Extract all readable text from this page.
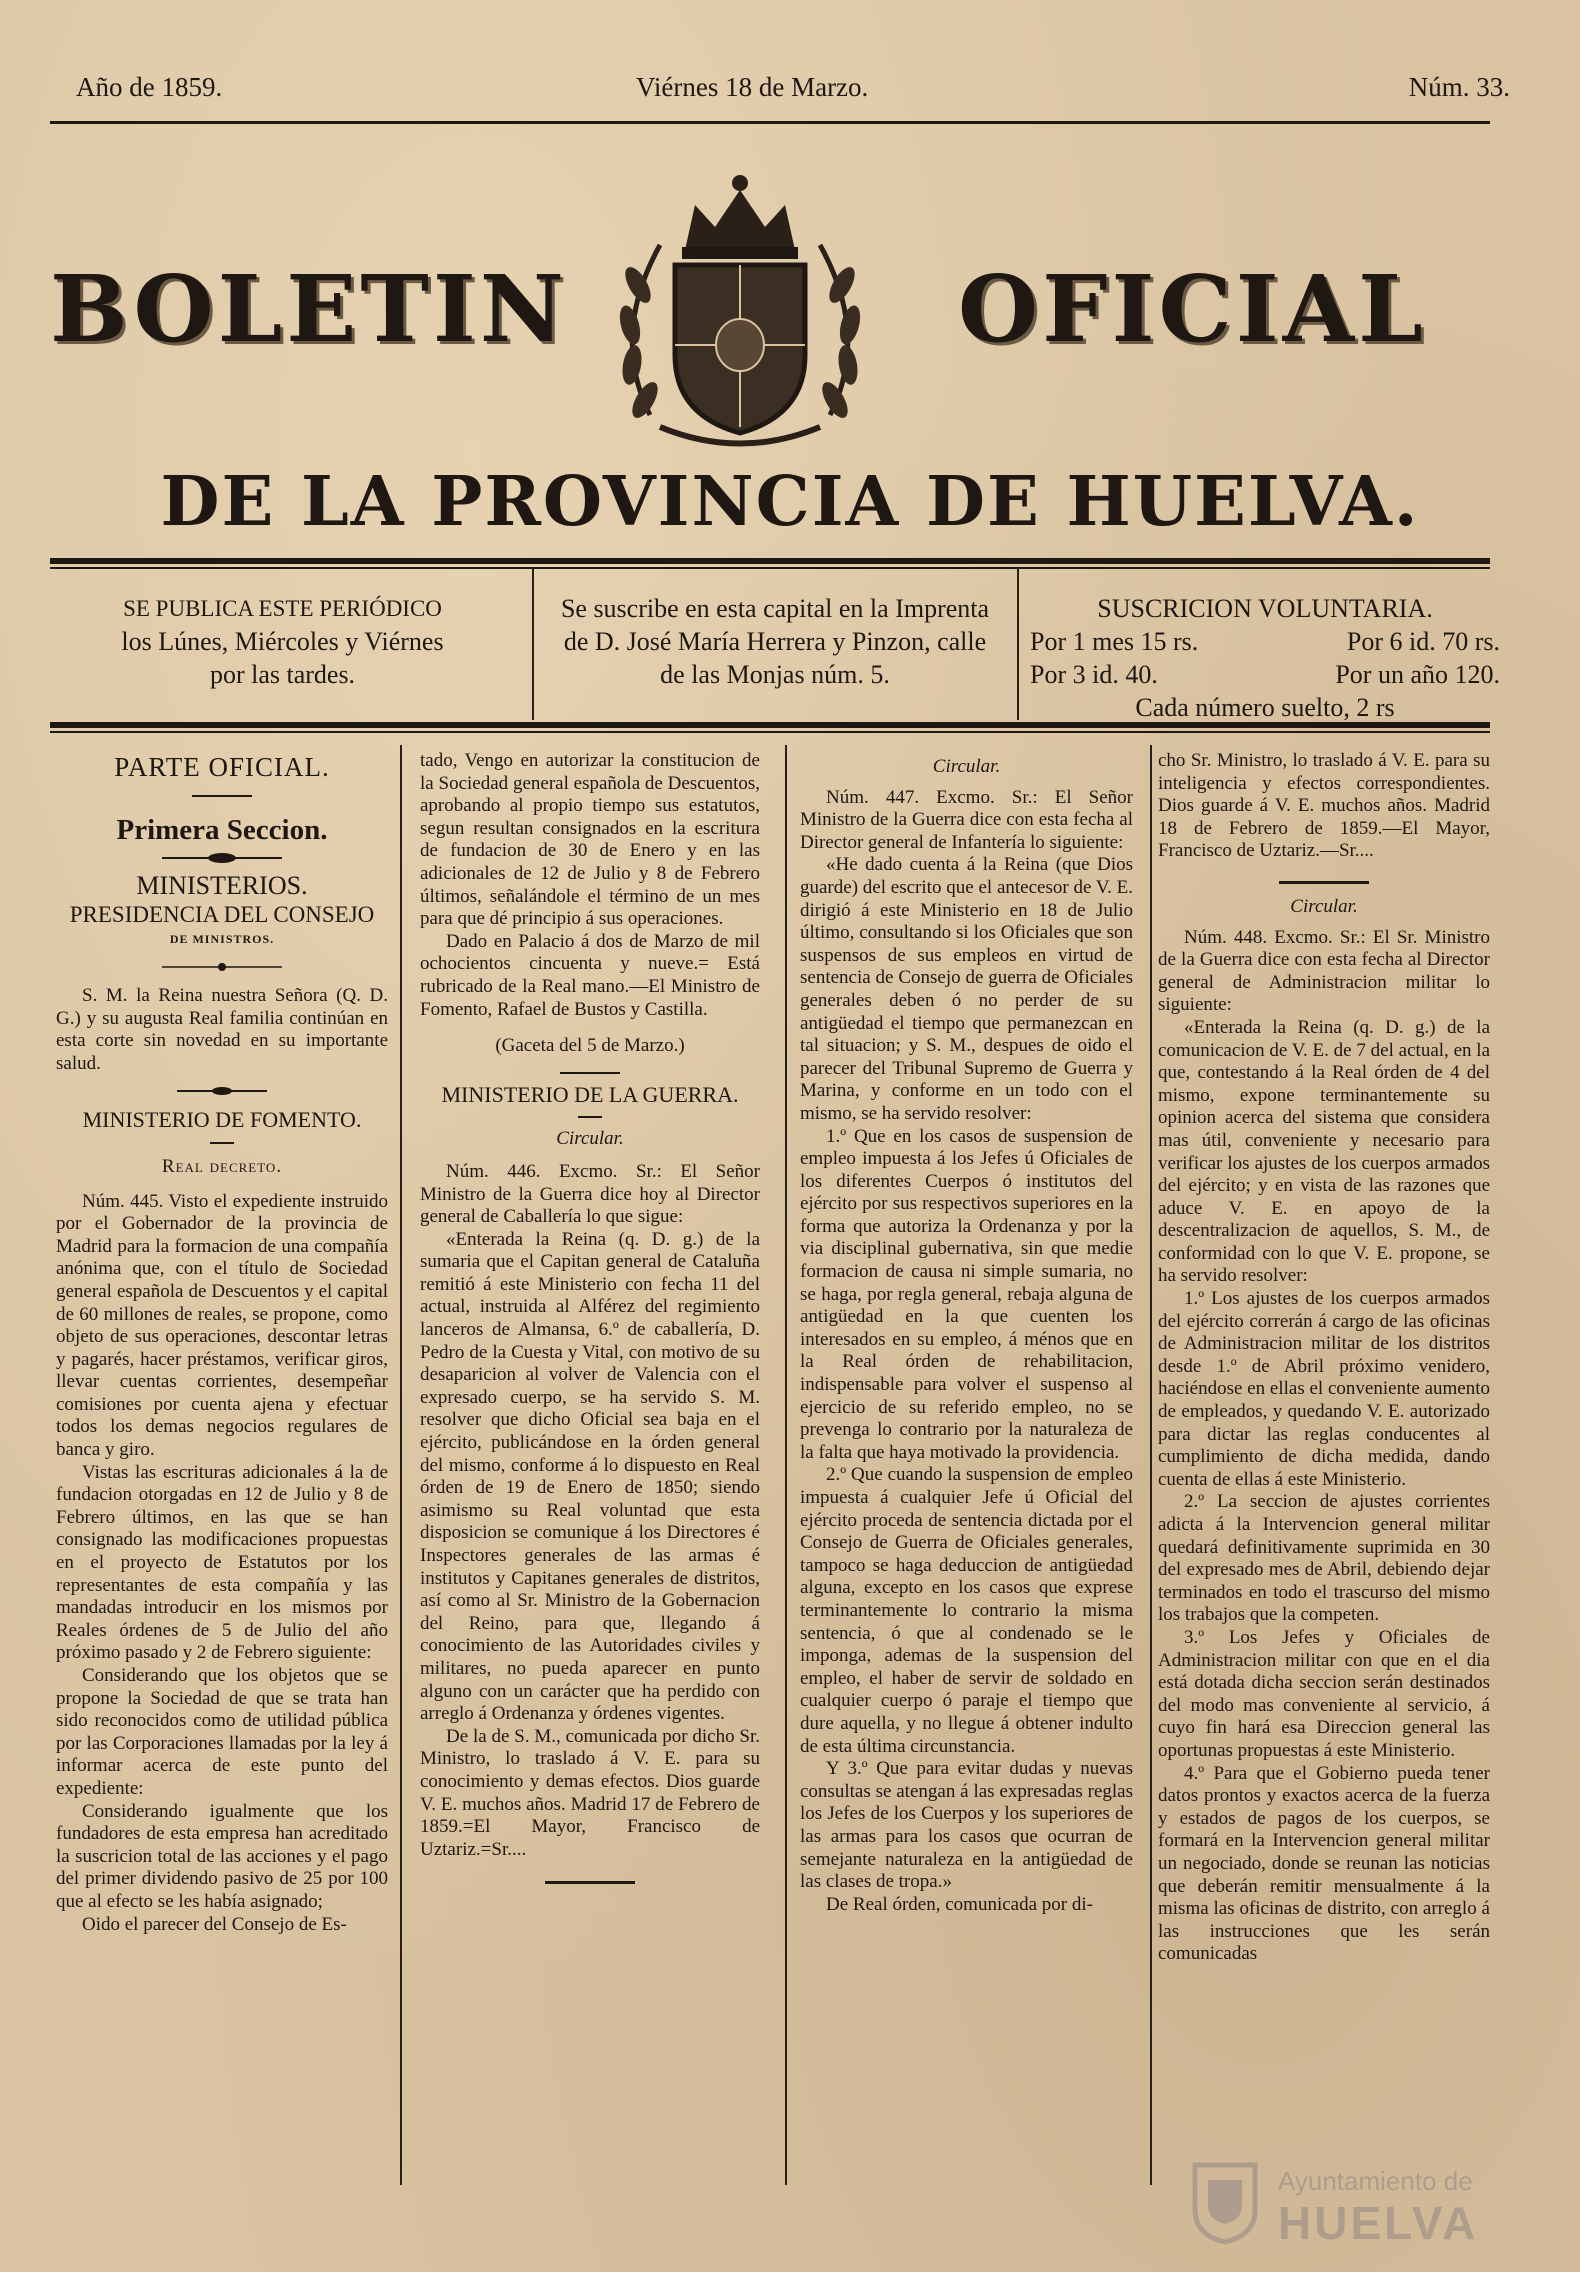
Año de 1859.	Viérnes 18 de Marzo.	Núm. 33.
BOLETIN	OFICIAL
DE LA PROVINCIA DE HUELVA.
SE PUBLICA ESTE PERIÓDICO
los Lúnes, Miércoles y Viérnes
por las tardes.
Se suscribe en esta capital en la Imprenta
de D. José María Herrera y Pinzon, calle
de las Monjas núm. 5.
SUSCRICION VOLUNTARIA.
Por 1 mes 15 rs.	Por 6 id. 70 rs.
Por 3 id. 40.	Por un año 120.
Cada número suelto, 2 rs
PARTE OFICIAL.
Primera Seccion.
MINISTERIOS.
PRESIDENCIA DEL CONSEJO
DE MINISTROS.

S. M. la Reina nuestra Señora (Q. D. G.) y su augusta Real familia continúan en esta corte sin novedad en su importante salud.

MINISTERIO DE FOMENTO.
Real decreto.

Núm. 445. Visto el expediente instruido por el Gobernador de la provincia de Madrid para la formacion de una compañía anónima que, con el título de Sociedad general española de Descuentos y el capital de 60 millones de reales, se propone, como objeto de sus operaciones, descontar letras y pagarés, hacer préstamos, verificar giros, llevar cuentas corrientes, desempeñar comisiones por cuenta ajena y efectuar todos los demas negocios regulares de banca y giro.

Vistas las escrituras adicionales á la de fundacion otorgadas en 12 de Julio y 8 de Febrero últimos, en las que se han consignado las modificaciones propuestas en el proyecto de Estatutos por los representantes de esta compañía y las mandadas introducir en los mismos por Reales órdenes de 5 de Julio del año próximo pasado y 2 de Febrero siguiente:

Considerando que los objetos que se propone la Sociedad de que se trata han sido reconocidos como de utilidad pública por las Corporaciones llamadas por la ley á informar acerca de este punto del expediente:

Considerando igualmente que los fundadores de esta empresa han acreditado la suscricion total de las acciones y el pago del primer dividendo pasivo de 25 por 100 que al efecto se les había asignado;

Oido el parecer del Consejo de Es-

tado, Vengo en autorizar la constitucion de la Sociedad general española de Descuentos, aprobando al propio tiempo sus estatutos, segun resultan consignados en la escritura de fundacion de 30 de Enero y en las adicionales de 12 de Julio y 8 de Febrero últimos, señalándole el término de un mes para que dé principio á sus operaciones.

Dado en Palacio á dos de Marzo de mil ochocientos cincuenta y nueve.= Está rubricado de la Real mano.—El Ministro de Fomento, Rafael de Bustos y Castilla.

(Gaceta del 5 de Marzo.)

MINISTERIO DE LA GUERRA.
Circular.

Núm. 446. Excmo. Sr.: El Señor Ministro de la Guerra dice hoy al Director general de Caballería lo que sigue:

«Enterada la Reina (q. D. g.) de la sumaria que el Capitan general de Cataluña remitió á este Ministerio con fecha 11 del actual, instruida al Alférez del regimiento lanceros de Almansa, 6.º de caballería, D. Pedro de la Cuesta y Vital, con motivo de su desaparicion al volver de Valencia con el expresado cuerpo, se ha servido S. M. resolver que dicho Oficial sea baja en el ejército, publicándose en la órden general del mismo, conforme á lo dispuesto en Real órden de 19 de Enero de 1850; siendo asimismo su Real voluntad que esta disposicion se comunique á los Directores é Inspectores generales de las armas é institutos y Capitanes generales de distritos, así como al Sr. Ministro de la Gobernacion del Reino, para que, llegando á conocimiento de las Autoridades civiles y militares, no pueda aparecer en punto alguno con un carácter que ha perdido con arreglo á Ordenanza y órdenes vigentes.

De la de S. M., comunicada por dicho Sr. Ministro, lo traslado á V. E. para su conocimiento y demas efectos. Dios guarde V. E. muchos años. Madrid 17 de Febrero de 1859.=El Mayor, Francisco de Uztariz.=Sr....

Circular.

Núm. 447. Excmo. Sr.: El Señor Ministro de la Guerra dice con esta fecha al Director general de Infantería lo siguiente:

«He dado cuenta á la Reina (que Dios guarde) del escrito que el antecesor de V. E. dirigió á este Ministerio en 18 de Julio último, consultando si los Oficiales que son suspensos de sus empleos en virtud de sentencia de Consejo de guerra de Oficiales generales deben ó no perder de su antigüedad el tiempo que permanezcan en tal situacion; y S. M., despues de oido el parecer del Tribunal Supremo de Guerra y Marina, y conforme en un todo con el mismo, se ha servido resolver:

1.º Que en los casos de suspension de empleo impuesta á los Jefes ú Oficiales de los diferentes Cuerpos ó institutos del ejército por sus respectivos superiores en la forma que autoriza la Ordenanza y por la via disciplinal gubernativa, sin que medie formacion de causa ni simple sumaria, no se haga, por regla general, rebaja alguna de antigüedad en la que cuenten los interesados en su empleo, á ménos que en la Real órden de rehabilitacion, indispensable para volver el suspenso al ejercicio de su referido empleo, no se prevenga lo contrario por la naturaleza de la falta que haya motivado la providencia.

2.º Que cuando la suspension de empleo impuesta á cualquier Jefe ú Oficial del ejército proceda de sentencia dictada por el Consejo de Guerra de Oficiales generales, tampoco se haga deduccion de antigüedad alguna, excepto en los casos que exprese terminantemente lo contrario la misma sentencia, ó que al condenado se le imponga, ademas de la suspension del empleo, el haber de servir de soldado en cualquier cuerpo ó paraje el tiempo que dure aquella, y no llegue á obtener indulto de esta última circunstancia.

Y 3.º Que para evitar dudas y nuevas consultas se atengan á las expresadas reglas los Jefes de los Cuerpos y los superiores de las armas para los casos que ocurran de semejante naturaleza en la antigüedad de las clases de tropa.»

De Real órden, comunicada por di-

cho Sr. Ministro, lo traslado á V. E. para su inteligencia y efectos correspondientes. Dios guarde á V. E. muchos años. Madrid 18 de Febrero de 1859.—El Mayor, Francisco de Uztariz.—Sr....

Circular.

Núm. 448. Excmo. Sr.: El Sr. Ministro de la Guerra dice con esta fecha al Director general de Administracion militar lo siguiente:

«Enterada la Reina (q. D. g.) de la comunicacion de V. E. de 7 del actual, en la que, contestando á la Real órden de 4 del mismo, expone terminantemente su opinion acerca del sistema que considera mas útil, conveniente y necesario para verificar los ajustes de los cuerpos armados del ejército; y en vista de las razones que aduce V. E. en apoyo de la descentralizacion de aquellos, S. M., de conformidad con lo que V. E. propone, se ha servido resolver:

1.º Los ajustes de los cuerpos armados del ejército correrán á cargo de las oficinas de Administracion militar de los distritos desde 1.º de Abril próximo venidero, haciéndose en ellas el conveniente aumento de empleados, y quedando V. E. autorizado para dictar las reglas conducentes al cumplimiento de dicha medida, dando cuenta de ellas á este Ministerio.

2.º La seccion de ajustes corrientes adicta á la Intervencion general militar quedará definitivamente suprimida en 30 del expresado mes de Abril, debiendo dejar terminados en todo el trascurso del mismo los trabajos que la competen.

3.º Los Jefes y Oficiales de Administracion militar con que en el dia está dotada dicha seccion serán destinados del modo mas conveniente al servicio, á cuyo fin hará esa Direccion general las oportunas propuestas á este Ministerio.

4.º Para que el Gobierno pueda tener datos prontos y exactos acerca de la fuerza y estados de pagos de los cuerpos, se formará en la Intervencion general militar un negociado, donde se reunan las noticias que deberán remitir mensualmente á la misma las oficinas de distrito, con arreglo á las instrucciones que les serán comunicadas

Ayuntamiento de
HUELVA
